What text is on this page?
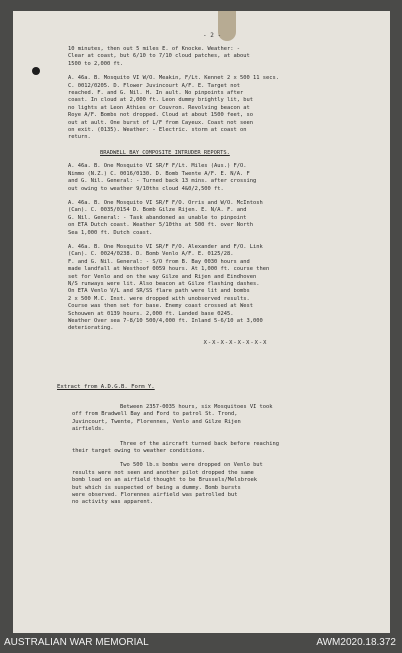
- 2 -
10 minutes, then out 5 miles E. of Knocke. Weather: -
Clear at coast, but 6/10 to 7/10 cloud patches, at about
1500 to 2,000 ft.
A. 46a. B. Mosquito VI W/O. Meakin, F/Lt. Kennet 2 x 500 11 secs.
C. 0012/0205. D. Flower Juvincourt A/F. E. Target not
reached. F. and G. Nil. H. In ault. No pinpoints after
coast. In cloud at 2,000 ft. Leon dummy brightly lit, but
no lights at Leon Athies or Couvron. Revolving beacon at
Roye A/F. Bombs not dropped. Cloud at about 1500 feet, so
out at ault. One burst of L/F from Cayeux. Coast not seen
on exit. (0135). Weather: - Electric. storm at coast on
return.
BRADWELL BAY COMPOSITE INTRUDER REPORTS.
A. 46a. B. One Mosquito VI SR/F F/Lt. Miles (Aus.) F/O.
Nimmo (N.Z.) C. 0016/0130. D. Bomb Twente A/F. E. N/A. F
and G. Nil. General: - Turned back 13 mins. after crossing
out owing to weather 9/10ths cloud 4&0/2,500 ft.
A. 46a. B. One Mosquito VI SR/F F/O. Orris and W/O. McIntosh
(Can). C. 0035/0154 D. Bomb Gilze Rijen. E. N/A. F. and
G. Nil. General: - Task abandoned as unable to pinpoint
on ETA Dutch coast. Weather 5/10ths at 500 ft. over North
Sea 1,000 ft. Dutch coast.
A. 46a. B. One Mosquito VI SR/F F/O. Alexander and F/O. Link
(Can). C. 0024/0238. D. Bomb Venlo A/F. E. 0125/28.
F. and G. Nil. General: - S/O from B. Bay 0030 hours and
made landfall at Westhoof 0059 hours. At 1,000 ft. course then
set for Venlo and on the way Gilze and Rijen and Eindhoven
N/S runways were lit. Also beacon at Gilze flashing dashes.
On ETA Venlo V/L and SR/SS flare path were lit and bombs
2 x 500 M.C. Inst. were dropped with unobserved results.
Course was then set for base. Enemy coast crossed at West
Schouwen at 0139 hours. 2,000 ft. Landed base 0245.
Weather Over sea 7-8/10 500/4,000 ft. Inland 5-6/10 at 3,000
deteriorating.
X-X-X-X-X-X-X-X
Extract from A.D.G.B. Form Y.
Between 2357-0035 hours, six Mosquitoes VI took
off from Bradwell Bay and Ford to patrol St. Trond,
Juvincourt, Twente, Florennes, Venlo and Gilze Rijen
airfields.
Three of the aircraft turned back before reaching
their target owing to weather conditions.
Two 500 lb.s bombs were dropped on Venlo but
results were not seen and another pilot dropped the same
bomb load on an airfield thought to be Brussels/Melsbroek
but which is suspected of being a dummy. Bomb bursts
were observed. Florennes airfield was patrolled but
no activity was apparent.
AUSTRALIAN WAR MEMORIAL	AWM2020.18.372
